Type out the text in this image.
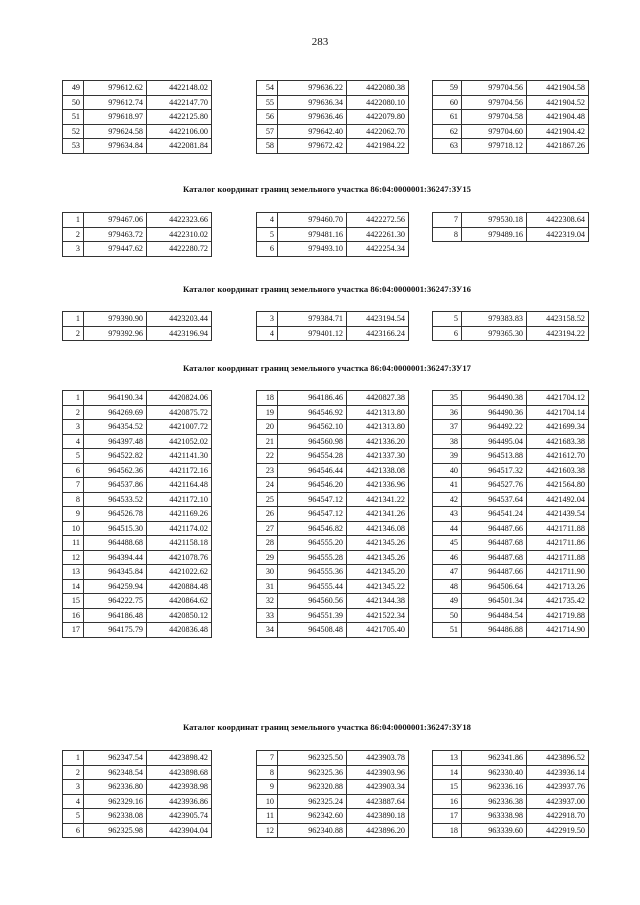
283
49	979612.62	4422148.02
50	979612.74	4422147.70
51	979618.97	4422125.80
52	979624.58	4422106.00
53	979634.84	4422081.84
54	979636.22	4422080.38
55	979636.34	4422080.10
56	979636.46	4422079.80
57	979642.40	4422062.70
58	979672.42	4421984.22
59	979704.56	4421904.58
60	979704.56	4421904.52
61	979704.58	4421904.48
62	979704.60	4421904.42
63	979718.12	4421867.26
Каталог координат границ земельного участка 86:04:0000001:36247:ЗУ15
1	979467.06	4422323.66
2	979463.72	4422310.02
3	979447.62	4422280.72
4	979460.70	4422272.56
5	979481.16	4422261.30
6	979493.10	4422254.34
7	979530.18	4422308.64
8	979489.16	4422319.04
Каталог координат границ земельного участка 86:04:0000001:36247:ЗУ16
1	979390.90	4423203.44
2	979392.96	4423196.94
3	979384.71	4423194.54
4	979401.12	4423166.24
5	979383.83	4423158.52
6	979365.30	4423194.22
Каталог координат границ земельного участка 86:04:0000001:36247:ЗУ17
1	964190.34	4420824.06
2	964269.69	4420875.72
3	964354.52	4421007.72
4	964397.48	4421052.02
5	964522.82	4421141.30
6	964562.36	4421172.16
7	964537.86	4421164.48
8	964533.52	4421172.10
9	964526.78	4421169.26
10	964515.30	4421174.02
11	964488.68	4421158.18
12	964394.44	4421078.76
13	964345.84	4421022.62
14	964259.94	4420884.48
15	964222.75	4420864.62
16	964186.48	4420850.12
17	964175.79	4420836.48
18	964186.46	4420827.38
19	964546.92	4421313.80
20	964562.10	4421313.80
21	964560.98	4421336.20
22	964554.28	4421337.30
23	964546.44	4421338.08
24	964546.20	4421336.96
25	964547.12	4421341.22
26	964547.12	4421341.26
27	964546.82	4421346.08
28	964555.20	4421345.26
29	964555.28	4421345.26
30	964555.36	4421345.20
31	964555.44	4421345.22
32	964560.56	4421344.38
33	964551.39	4421522.34
34	964508.48	4421705.40
35	964490.38	4421704.12
36	964490.36	4421704.14
37	964492.22	4421699.34
38	964495.04	4421683.38
39	964513.88	4421612.70
40	964517.32	4421603.38
41	964527.76	4421564.80
42	964537.64	4421492.04
43	964541.24	4421439.54
44	964487.66	4421711.88
45	964487.68	4421711.86
46	964487.68	4421711.88
47	964487.66	4421711.90
48	964506.64	4421713.26
49	964501.34	4421735.42
50	964484.54	4421719.88
51	964486.88	4421714.90
Каталог координат границ земельного участка 86:04:0000001:36247:ЗУ18
1	962347.54	4423898.42
2	962348.54	4423898.68
3	962336.80	4423938.98
4	962329.16	4423936.86
5	962338.08	4423905.74
6	962325.98	4423904.04
7	962325.50	4423903.78
8	962325.36	4423903.96
9	962320.88	4423903.34
10	962325.24	4423887.64
11	962342.60	4423890.18
12	962340.88	4423896.20
13	962341.86	4423896.52
14	962330.40	4423936.14
15	962336.16	4423937.76
16	962336.38	4423937.00
17	963338.98	4422918.70
18	963339.60	4422919.50
